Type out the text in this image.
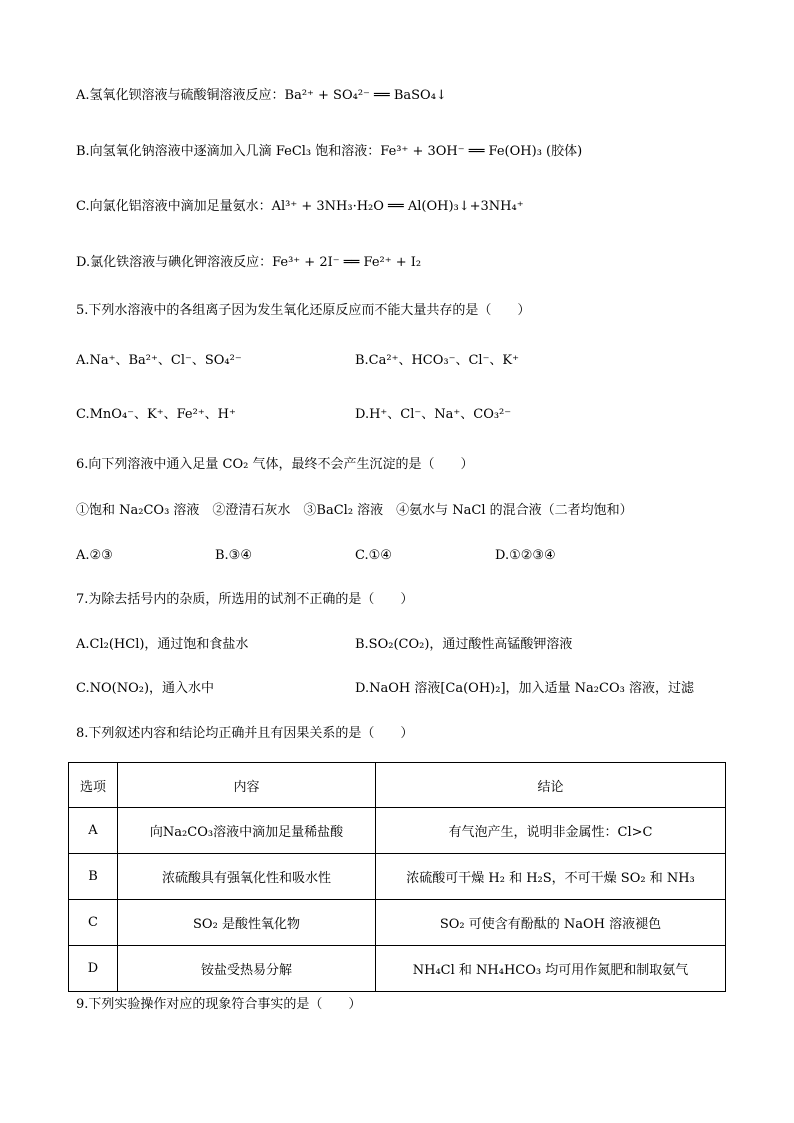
A.氢氧化钡溶液与硫酸铜溶液反应：Ba²⁺ + SO₄²⁻ ══ BaSO₄↓

B.向氢氧化钠溶液中逐滴加入几滴 FeCl₃ 饱和溶液：Fe³⁺ + 3OH⁻ ══ Fe(OH)₃ (胶体)

C.向氯化铝溶液中滴加足量氨水：Al³⁺ + 3NH₃·H₂O ══ Al(OH)₃↓+3NH₄⁺

D.氯化铁溶液与碘化钾溶液反应：Fe³⁺ + 2I⁻ ══ Fe²⁺ + I₂

5.下列水溶液中的各组离子因为发生氧化还原反应而不能大量共存的是（　　）

A.Na⁺、Ba²⁺、Cl⁻、SO₄²⁻	B.Ca²⁺、HCO₃⁻、Cl⁻、K⁺

C.MnO₄⁻、K⁺、Fe²⁺、H⁺	D.H⁺、Cl⁻、Na⁺、CO₃²⁻

6.向下列溶液中通入足量 CO₂ 气体，最终不会产生沉淀的是（　　）

①饱和 Na₂CO₃ 溶液　②澄清石灰水　③BaCl₂ 溶液　④氨水与 NaCl 的混合液（二者均饱和）

A.②③	B.③④	C.①④	D.①②③④

7.为除去括号内的杂质，所选用的试剂不正确的是（　　）

A.Cl₂(HCl)，通过饱和食盐水	B.SO₂(CO₂)，通过酸性高锰酸钾溶液

C.NO(NO₂)，通入水中	D.NaOH 溶液[Ca(OH)₂]，加入适量 Na₂CO₃ 溶液，过滤

8.下列叙述内容和结论均正确并且有因果关系的是（　　）

选项	内容	结论
A	向Na₂CO₃溶液中滴加足量稀盐酸	有气泡产生，说明非金属性：Cl>C
B	浓硫酸具有强氧化性和吸水性	浓硫酸可干燥 H₂ 和 H₂S，不可干燥 SO₂ 和 NH₃
C	SO₂ 是酸性氧化物	SO₂ 可使含有酚酞的 NaOH 溶液褪色
D	铵盐受热易分解	NH₄Cl 和 NH₄HCO₃ 均可用作氮肥和制取氨气

9.下列实验操作对应的现象符合事实的是（　　）
